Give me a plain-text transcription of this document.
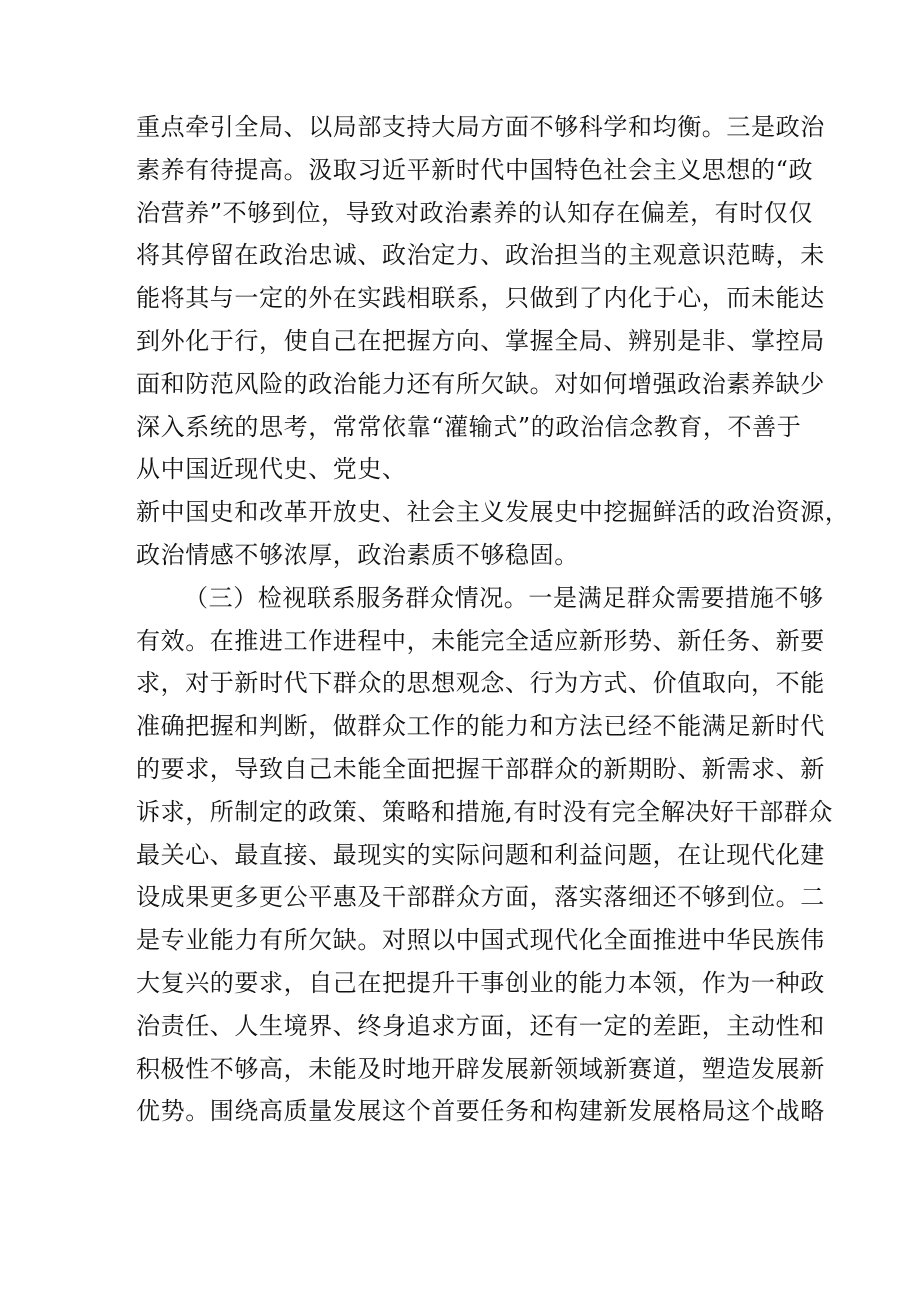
重点牵引全局、以局部支持大局方面不够科学和均衡。三是政治
素养有待提高。汲取习近平新时代中国特色社会主义思想的“政
治营养”不够到位，导致对政治素养的认知存在偏差，有时仅仅
将其停留在政治忠诚、政治定力、政治担当的主观意识范畴，未
能将其与一定的外在实践相联系，只做到了内化于心，而未能达
到外化于行，使自己在把握方向、掌握全局、辨别是非、掌控局
面和防范风险的政治能力还有所欠缺。对如何增强政治素养缺少
深入系统的思考，常常依靠“灌输式”的政治信念教育，不善于
从中国近现代史、党史、
新中国史和改革开放史、社会主义发展史中挖掘鲜活的政治资源，
政治情感不够浓厚，政治素质不够稳固。
（三）检视联系服务群众情况。一是满足群众需要措施不够
有效。在推进工作进程中，未能完全适应新形势、新任务、新要
求，对于新时代下群众的思想观念、行为方式、价值取向，不能
准确把握和判断，做群众工作的能力和方法已经不能满足新时代
的要求，导致自己未能全面把握干部群众的新期盼、新需求、新
诉求，所制定的政策、策略和措施,有时没有完全解决好干部群众
最关心、最直接、最现实的实际问题和利益问题，在让现代化建
设成果更多更公平惠及干部群众方面，落实落细还不够到位。二
是专业能力有所欠缺。对照以中国式现代化全面推进中华民族伟
大复兴的要求，自己在把提升干事创业的能力本领，作为一种政
治责任、人生境界、终身追求方面，还有一定的差距，主动性和
积极性不够高，未能及时地开辟发展新领域新赛道，塑造发展新
优势。围绕高质量发展这个首要任务和构建新发展格局这个战略
